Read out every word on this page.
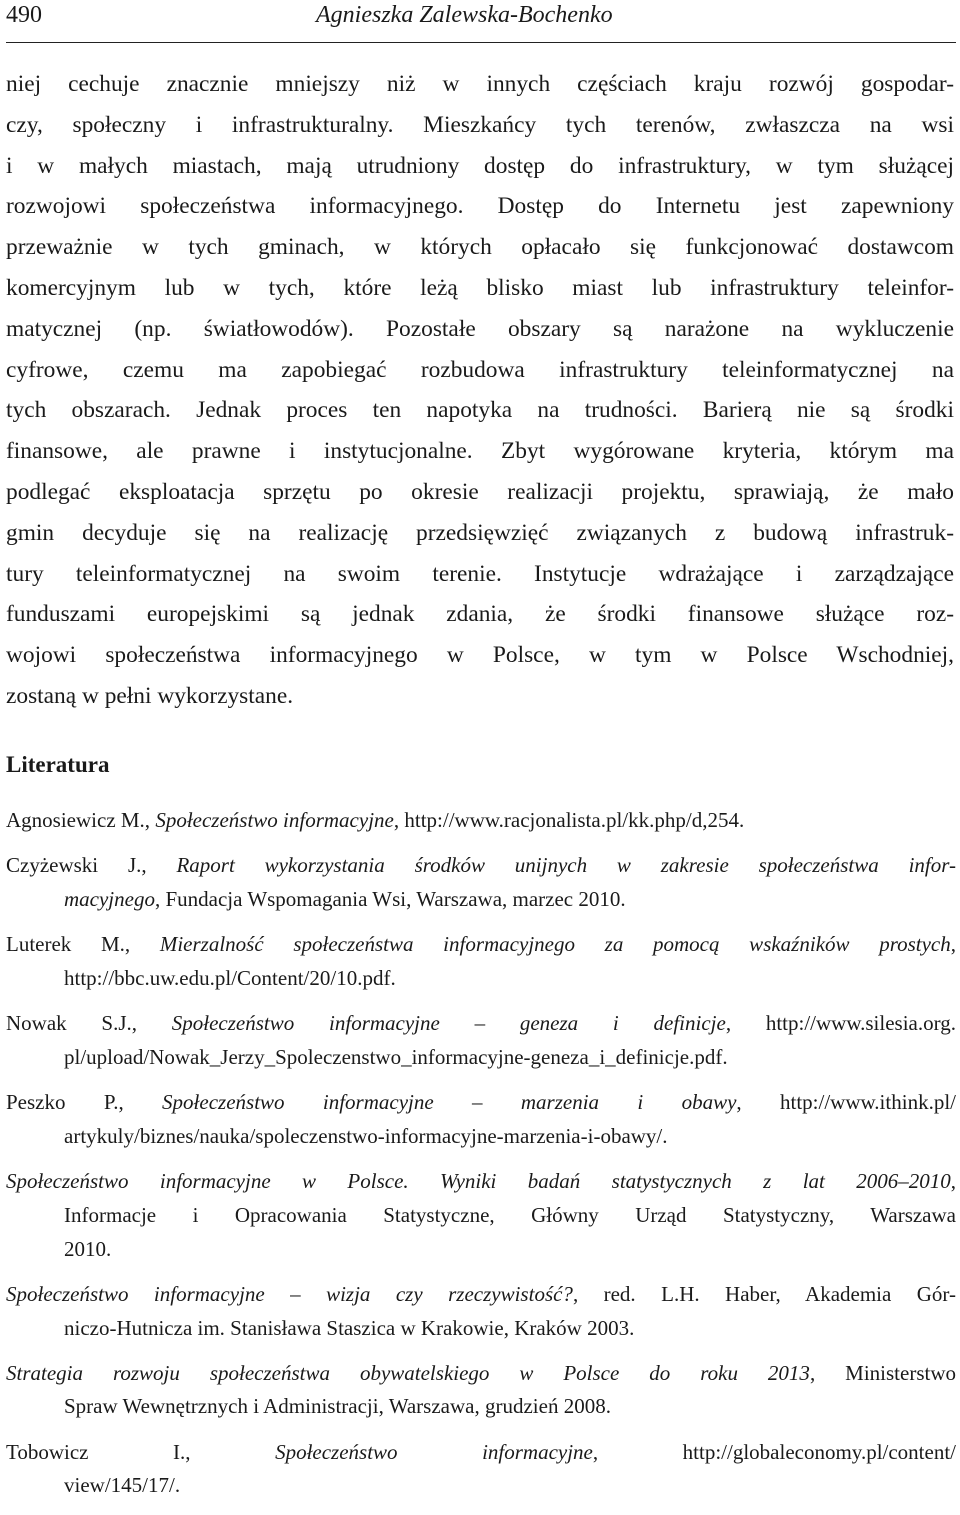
490	Agnieszka Zalewska-Bochenko
niej cechuje znacznie mniejszy niż w innych częściach kraju rozwój gospodar-
czy, społeczny i infrastrukturalny. Mieszkańcy tych terenów, zwłaszcza na wsi
i w małych miastach, mają utrudniony dostęp do infrastruktury, w tym służącej
rozwojowi społeczeństwa informacyjnego. Dostęp do Internetu jest zapewniony
przeważnie w tych gminach, w których opłacało się funkcjonować dostawcom
komercyjnym lub w tych, które leżą blisko miast lub infrastruktury teleinfor-
matycznej (np. światłowodów). Pozostałe obszary są narażone na wykluczenie
cyfrowe, czemu ma zapobiegać rozbudowa infrastruktury teleinformatycznej na
tych obszarach. Jednak proces ten napotyka na trudności. Barierą nie są środki
finansowe, ale prawne i instytucjonalne. Zbyt wygórowane kryteria, którym ma
podlegać eksploatacja sprzętu po okresie realizacji projektu, sprawiają, że mało
gmin decyduje się na realizację przedsięwzięć związanych z budową infrastruk-
tury teleinformatycznej na swoim terenie. Instytucje wdrażające i zarządzające
funduszami europejskimi są jednak zdania, że środki finansowe służące roz-
wojowi społeczeństwa informacyjnego w Polsce, w tym w Polsce Wschodniej,
zostaną w pełni wykorzystane.
Literatura
Agnosiewicz M., Społeczeństwo informacyjne, http://www.racjonalista.pl/kk.php/d,254.
Czyżewski J., Raport wykorzystania środków unijnych w zakresie społeczeństwa infor-
macyjnego, Fundacja Wspomagania Wsi, Warszawa, marzec 2010.
Luterek M., Mierzalność społeczeństwa informacyjnego za pomocą wskaźników prostych,
http://bbc.uw.edu.pl/Content/20/10.pdf.
Nowak S.J., Społeczeństwo informacyjne – geneza i definicje, http://www.silesia.org.
pl/upload/Nowak_Jerzy_Spoleczenstwo_informacyjne-geneza_i_definicje.pdf.
Peszko P., Społeczeństwo informacyjne – marzenia i obawy, http://www.ithink.pl/
artykuly/biznes/nauka/spoleczenstwo-informacyjne-marzenia-i-obawy/.
Społeczeństwo informacyjne w Polsce. Wyniki badań statystycznych z lat 2006–2010,
Informacje i Opracowania Statystyczne, Główny Urząd Statystyczny, Warszawa
2010.
Społeczeństwo informacyjne – wizja czy rzeczywistość?, red. L.H. Haber, Akademia Gór-
niczo-Hutnicza im. Stanisława Staszica w Krakowie, Kraków 2003.
Strategia rozwoju społeczeństwa obywatelskiego w Polsce do roku 2013, Ministerstwo
Spraw Wewnętrznych i Administracji, Warszawa, grudzień 2008.
Tobowicz I., Społeczeństwo informacyjne, http://globaleconomy.pl/content/
view/145/17/.
